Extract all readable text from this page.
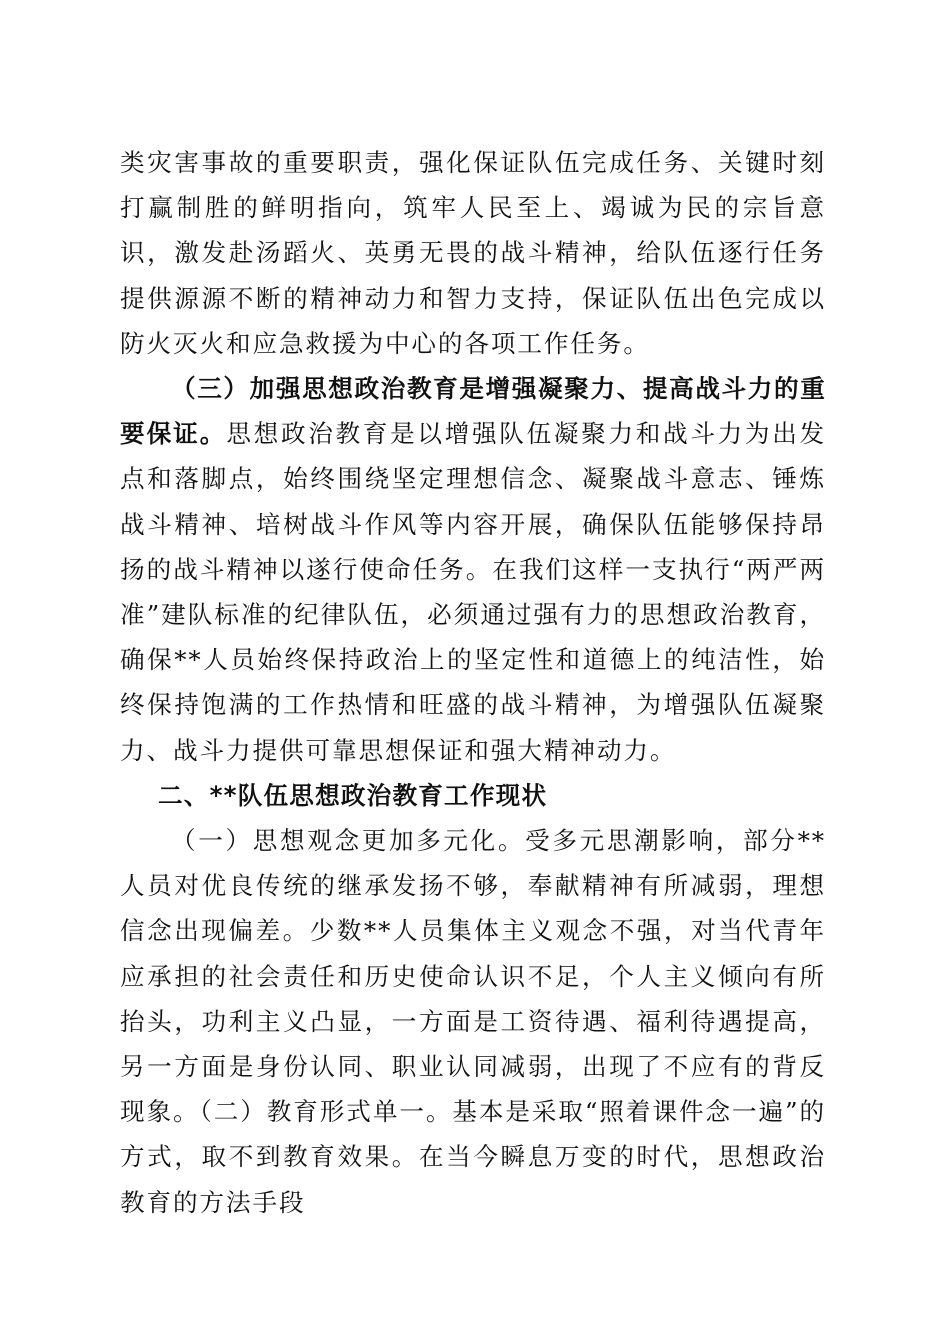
类灾害事故的重要职责，强化保证队伍完成任务、关键时刻打赢制胜的鲜明指向，筑牢人民至上、竭诚为民的宗旨意识，激发赴汤蹈火、英勇无畏的战斗精神，给队伍逐行任务提供源源不断的精神动力和智力支持，保证队伍出色完成以防火灭火和应急救援为中心的各项工作任务。

（三）加强思想政治教育是增强凝聚力、提高战斗力的重要保证。思想政治教育是以增强队伍凝聚力和战斗力为出发点和落脚点，始终围绕坚定理想信念、凝聚战斗意志、锤炼战斗精神、培树战斗作风等内容开展，确保队伍能够保持昂扬的战斗精神以遂行使命任务。在我们这样一支执行“两严两准”建队标准的纪律队伍，必须通过强有力的思想政治教育，确保**人员始终保持政治上的坚定性和道德上的纯洁性，始终保持饱满的工作热情和旺盛的战斗精神，为增强队伍凝聚力、战斗力提供可靠思想保证和强大精神动力。

二、**队伍思想政治教育工作现状

（一）思想观念更加多元化。受多元思潮影响，部分**人员对优良传统的继承发扬不够，奉献精神有所减弱，理想信念出现偏差。少数**人员集体主义观念不强，对当代青年应承担的社会责任和历史使命认识不足，个人主义倾向有所抬头，功利主义凸显，一方面是工资待遇、福利待遇提高，另一方面是身份认同、职业认同减弱，出现了不应有的背反现象。（二）教育形式单一。基本是采取“照着课件念一遍”的方式，取不到教育效果。在当今瞬息万变的时代，思想政治教育的方法手段
